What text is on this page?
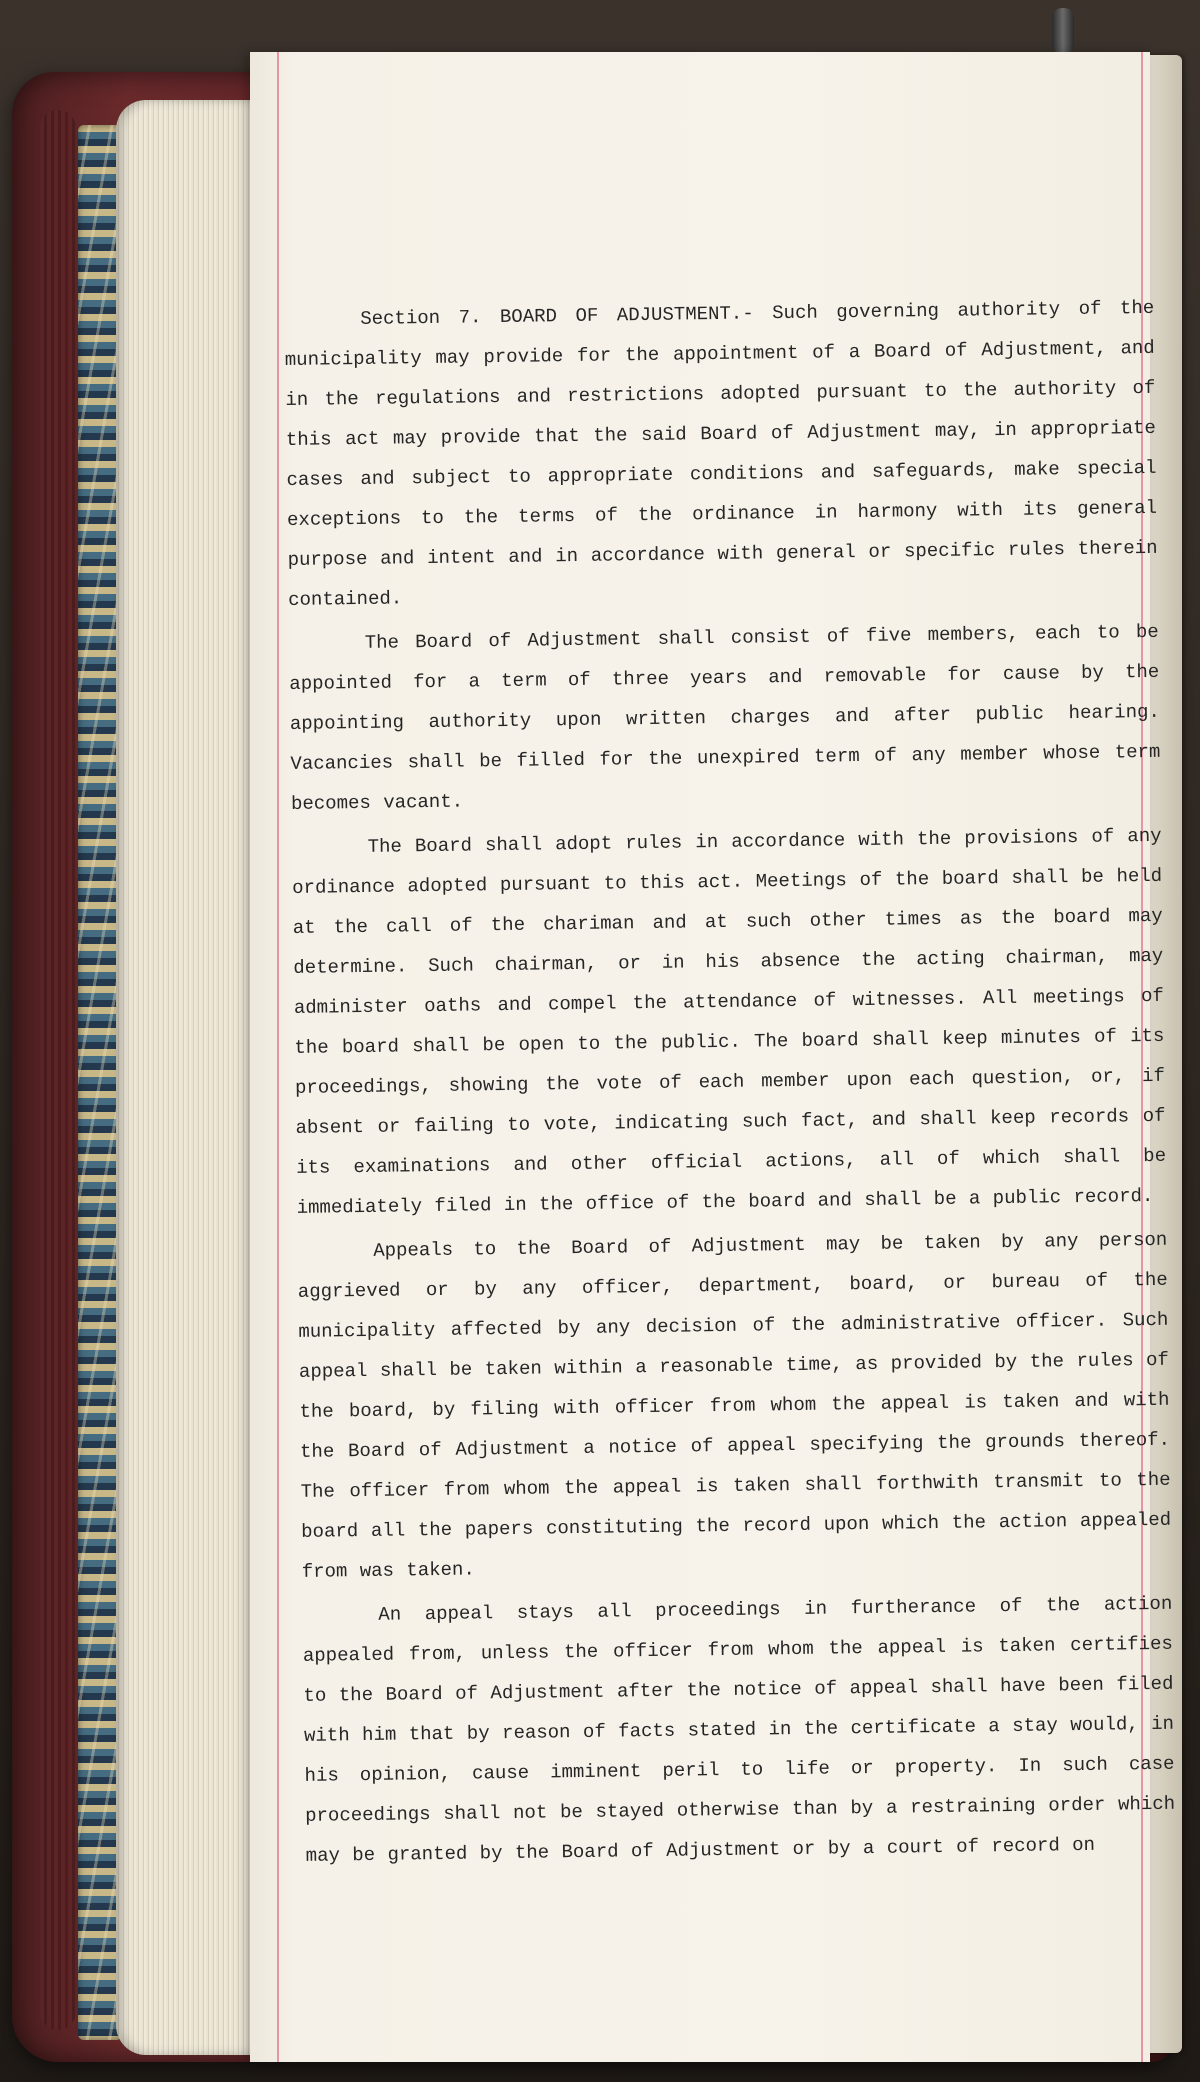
Section 7. BOARD OF ADJUSTMENT.- Such governing authority of the municipality may provide for the appointment of a Board of Adjustment, and in the regulations and restrictions adopted pursuant to the authority of this act may provide that the said Board of Adjustment may, in appropriate cases and subject to appropriate conditions and safeguards, make special exceptions to the terms of the ordinance in harmony with its general purpose and intent and in accordance with general or specific rules therein contained.

The Board of Adjustment shall consist of five members, each to be appointed for a term of three years and removable for cause by the appointing authority upon written charges and after public hearing. Vacancies shall be filled for the unexpired term of any member whose term becomes vacant.

The Board shall adopt rules in accordance with the provisions of any ordinance adopted pursuant to this act. Meetings of the board shall be held at the call of the chariman and at such other times as the board may determine. Such chairman, or in his absence the acting chairman, may administer oaths and compel the attendance of witnesses. All meetings of the board shall be open to the public. The board shall keep minutes of its proceedings, showing the vote of each member upon each question, or, if absent or failing to vote, indicating such fact, and shall keep records of its examinations and other official actions, all of which shall be immediately filed in the office of the board and shall be a public record.

Appeals to the Board of Adjustment may be taken by any person aggrieved or by any officer, department, board, or bureau of the municipality affected by any decision of the administrative officer. Such appeal shall be taken within a reasonable time, as provided by the rules of the board, by filing with officer from whom the appeal is taken and with the Board of Adjustment a notice of appeal specifying the grounds thereof. The officer from whom the appeal is taken shall forthwith transmit to the board all the papers constituting the record upon which the action appealed from was taken.

An appeal stays all proceedings in furtherance of the action appealed from, unless the officer from whom the appeal is taken certifies to the Board of Adjustment after the notice of appeal shall have been filed with him that by reason of facts stated in the certificate a stay would, in his opinion, cause imminent peril to life or property. In such case proceedings shall not be stayed otherwise than by a restraining order which may be granted by the Board of Adjustment or by a court of record on
